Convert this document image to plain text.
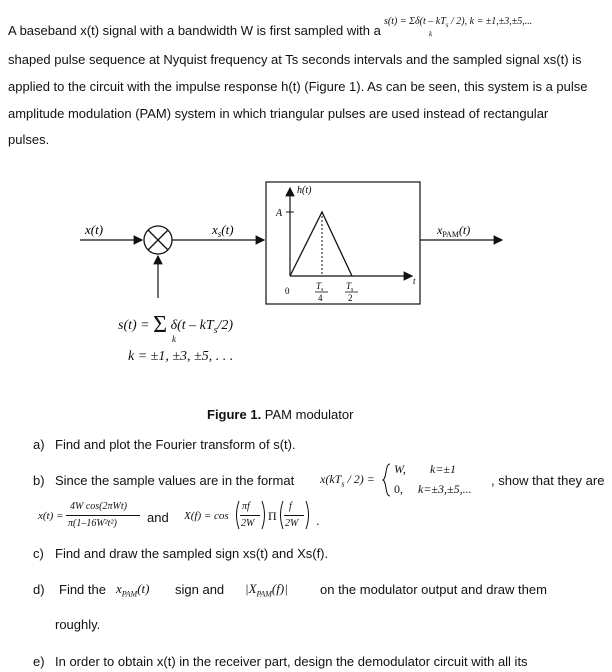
A baseband x(t) signal with a bandwidth W is first sampled with a
$s(t) = \Sigma\delta(t - kT_s / 2)$, k = ±1,±3,±5,...
k
shaped pulse sequence at Nyquist frequency at Ts seconds intervals and the sampled signal xs(t) is
applied to the circuit with the impulse response h(t) (Figure 1). As can be seen, this system is a pulse
amplitude modulation (PAM) system in which triangular pulses are used instead of rectangular
pulses.
x(t)	$x_s(t)$
h(t)
A
t
0	$T_s$
4
$T_s$
2
$x_{PAM}(t)$
s(t) = Σ $\delta(t - kT_s/2)$
k
k = ±1, ±3, ±5, . . .
Figure 1. PAM modulator
a) Find and plot the Fourier transform of s(t).
b) Since the sample values are in the format $x(kT_s / 2)$ =
W, k=±1
0, k=±3,±5,...
, show that they are
x(t) =
4W cos(2πWt)
π(1–16W²t²) and X(f) = cos
πf
2W
Π
f
2W .
c) Find and draw the sampled sign xs(t) and Xs(f).
d) Find the $x_{PAM}(t)$ sign and $|X_{PAM}(f)|$ on the modulator output and draw them
roughly.
e) In order to obtain x(t) in the receiver part, design the demodulator circuit with all its
